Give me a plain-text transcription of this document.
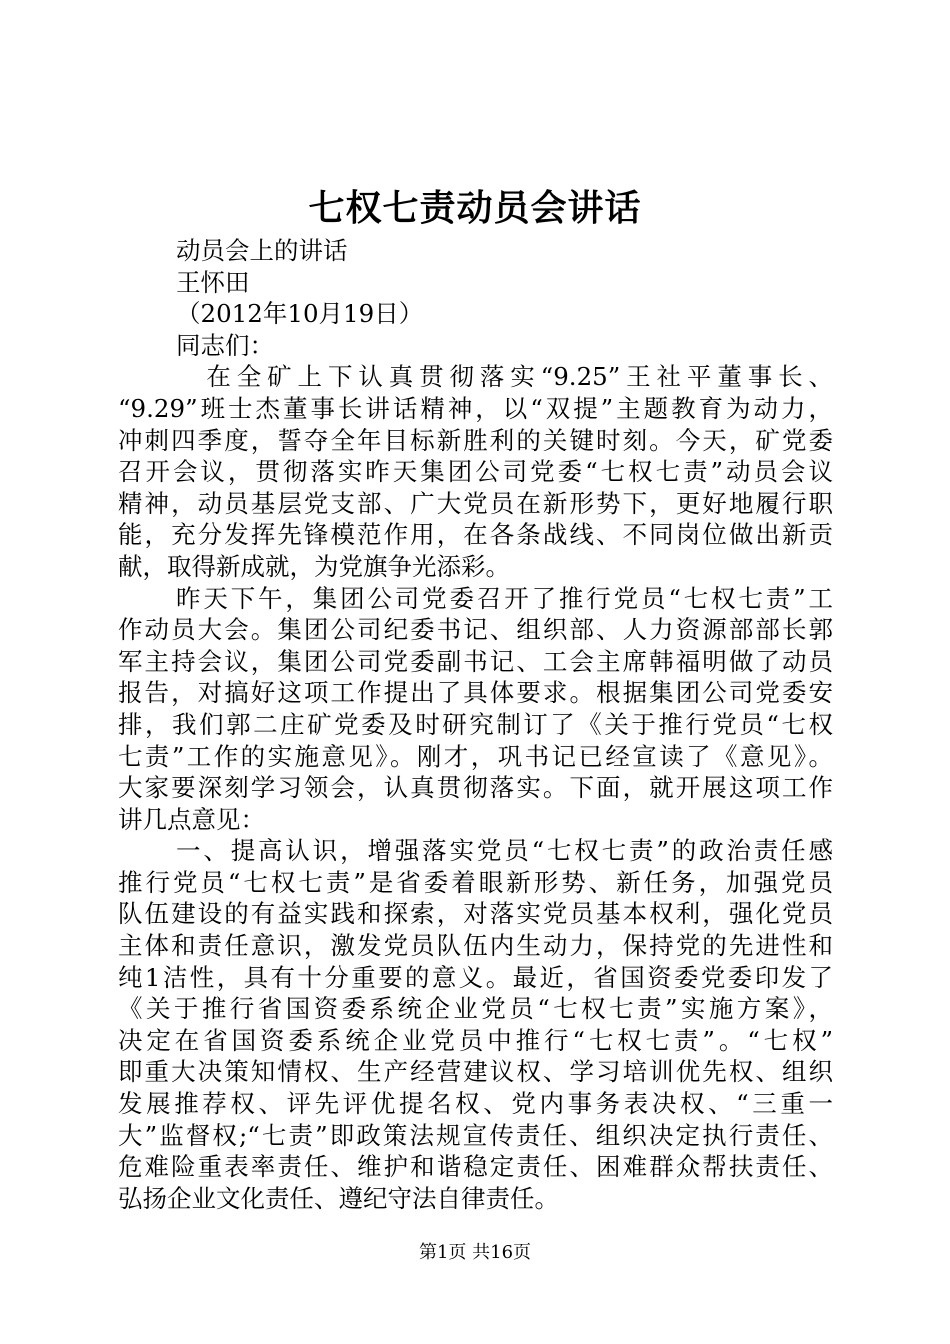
七权七责动员会讲话
动员会上的讲话
王怀田
（2012年10月19日）
同志们：
　在全矿上下认真贯彻落实“9.25”王社平董事长、
“9.29”班士杰董事长讲话精神，以“双提”主题教育为动力，
冲刺四季度，誓夺全年目标新胜利的关键时刻。今天，矿党委
召开会议，贯彻落实昨天集团公司党委“七权七责”动员会议
精神，动员基层党支部、广大党员在新形势下，更好地履行职
能，充分发挥先锋模范作用，在各条战线、不同岗位做出新贡
献，取得新成就，为党旗争光添彩。
昨天下午，集团公司党委召开了推行党员“七权七责”工
作动员大会。集团公司纪委书记、组织部、人力资源部部长郭
军主持会议，集团公司党委副书记、工会主席韩福明做了动员
报告，对搞好这项工作提出了具体要求。根据集团公司党委安
排，我们郭二庄矿党委及时研究制订了《关于推行党员“七权
七责”工作的实施意见》。刚才，巩书记已经宣读了《意见》。
大家要深刻学习领会，认真贯彻落实。下面，就开展这项工作
讲几点意见：
一、提高认识，增强落实党员“七权七责”的政治责任感
推行党员“七权七责”是省委着眼新形势、新任务，加强党员
队伍建设的有益实践和探索，对落实党员基本权利，强化党员
主体和责任意识，激发党员队伍内生动力，保持党的先进性和
纯1洁性，具有十分重要的意义。最近，省国资委党委印发了
《关于推行省国资委系统企业党员“七权七责”实施方案》，
决定在省国资委系统企业党员中推行“七权七责”。“七权”
即重大决策知情权、生产经营建议权、学习培训优先权、组织
发展推荐权、评先评优提名权、党内事务表决权、“三重一
大”监督权;“七责”即政策法规宣传责任、组织决定执行责任、
危难险重表率责任、维护和谐稳定责任、困难群众帮扶责任、
弘扬企业文化责任、遵纪守法自律责任。
第1页 共16页
